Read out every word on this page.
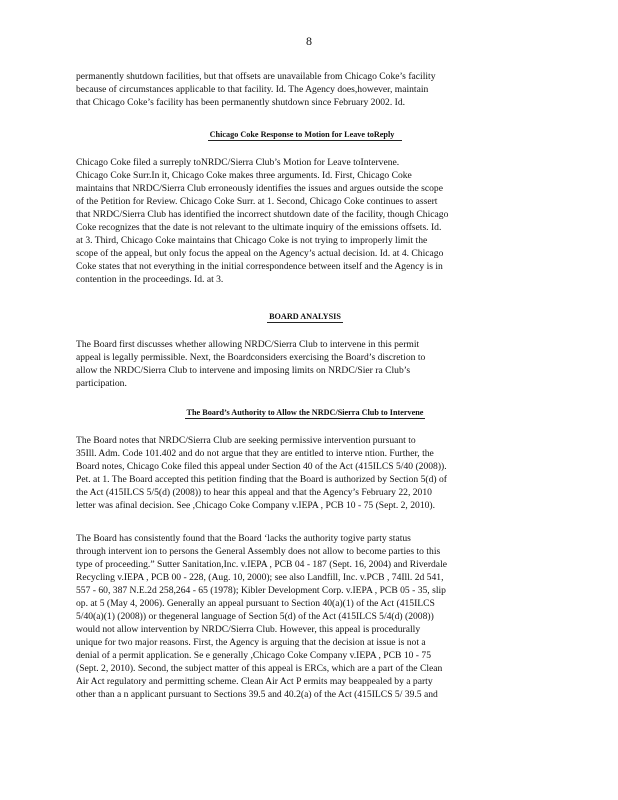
8
permanently shutdown facilities, but that offsets are unavailable from Chicago Coke’s facility
because of circumstances applicable to that facility. Id. The Agency does,however, maintain
that Chicago Coke’s facility has been permanently shutdown since February 2002. Id.
Chicago Coke Response to Motion for Leave toReply
Chicago Coke filed a surreply toNRDC/Sierra Club’s Motion for Leave toIntervene.
Chicago Coke Surr.In it, Chicago Coke makes three arguments. Id. First, Chicago Coke
maintains that NRDC/Sierra Club erroneously identifies the issues and argues outside the scope
of the Petition for Review. Chicago Coke Surr. at 1. Second, Chicago Coke continues to assert
that NRDC/Sierra Club has identified the incorrect shutdown date of the facility, though Chicago
Coke recognizes that the date is not relevant to the ultimate inquiry of the emissions offsets. Id.
at 3. Third, Chicago Coke maintains that Chicago Coke is not trying to improperly limit the
scope of the appeal, but only focus the appeal on the Agency’s actual decision. Id. at 4. Chicago
Coke states that not everything in the initial correspondence between itself and the Agency is in
contention in the proceedings. Id. at 3.
BOARD ANALYSIS
The Board first discusses whether allowing NRDC/Sierra Club to intervene in this permit
appeal is legally permissible. Next, the Boardconsiders exercising the Board’s discretion to
allow the NRDC/Sierra Club to intervene and imposing limits on NRDC/Sier ra Club’s
participation.
The Board’s Authority to Allow the NRDC/Sierra Club to Intervene
The Board notes that NRDC/Sierra Club are seeking permissive intervention pursuant to
35Ill. Adm. Code 101.402 and do not argue that they are entitled to interve ntion. Further, the
Board notes, Chicago Coke filed this appeal under Section 40 of the Act (415ILCS 5/40 (2008)).
Pet. at 1. The Board accepted this petition finding that the Board is authorized by Section 5(d) of
the Act (415ILCS 5/5(d) (2008)) to hear this appeal and that the Agency’s February 22, 2010
letter was afinal decision. See ,Chicago Coke Company v.IEPA , PCB 10 - 75 (Sept. 2, 2010).
The Board has consistently found that the Board ‘lacks the authority togive party status
through intervent ion to persons the General Assembly does not allow to become parties to this
type of proceeding.” Sutter Sanitation,Inc. v.IEPA , PCB 04 - 187 (Sept. 16, 2004) and Riverdale
Recycling v.IEPA , PCB 00 - 228, (Aug. 10, 2000); see also Landfill, Inc. v.PCB , 74Ill. 2d 541,
557 - 60, 387 N.E.2d 258,264 - 65 (1978); Kibler Development Corp. v.IEPA , PCB 05 - 35, slip
op. at 5 (May 4, 2006). Generally an appeal pursuant to Section 40(a)(1) of the Act (415ILCS
5/40(a)(1) (2008)) or thegeneral language of Section 5(d) of the Act (415ILCS 5/4(d) (2008))
would not allow intervention by NRDC/Sierra Club. However, this appeal is procedurally
unique for two major reasons. First, the Agency is arguing that the decision at issue is not a
denial of a permit application. Se e generally ,Chicago Coke Company v.IEPA , PCB 10 - 75
(Sept. 2, 2010). Second, the subject matter of this appeal is ERCs, which are a part of the Clean
Air Act regulatory and permitting scheme. Clean Air Act P ermits may beappealed by a party
other than a n applicant pursuant to Sections 39.5 and 40.2(a) of the Act (415ILCS 5/ 39.5 and
